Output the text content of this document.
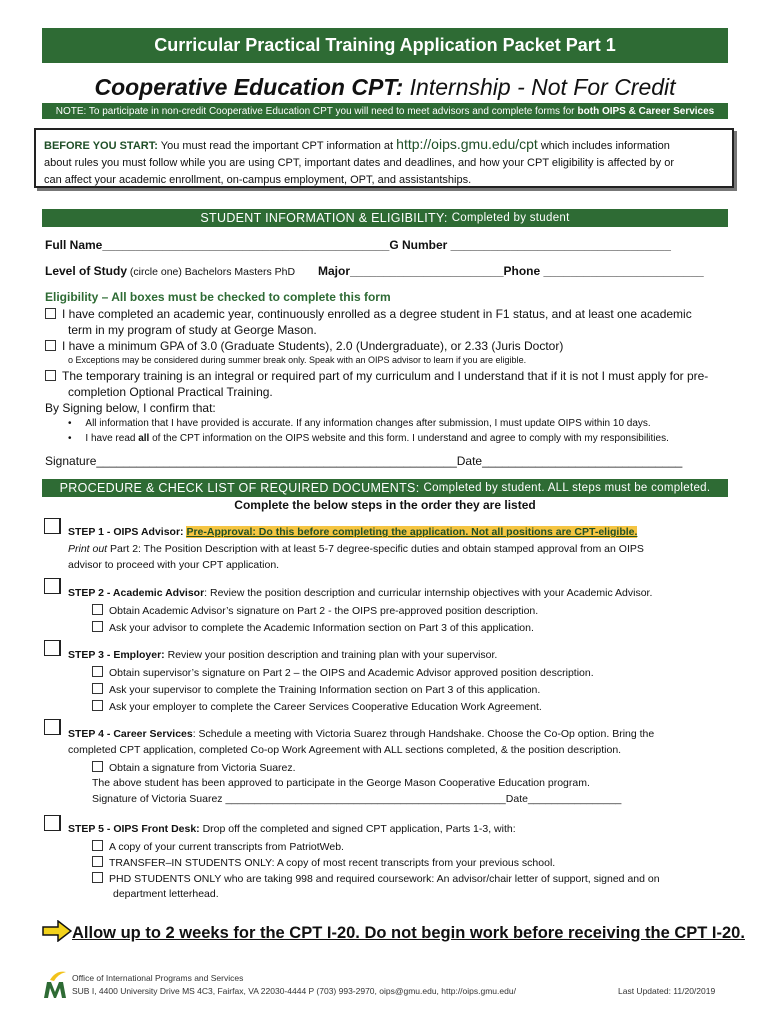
Curricular Practical Training Application Packet Part 1
Cooperative Education CPT: Internship - Not For Credit
NOTE: To participate in non-credit Cooperative Education CPT you will need to meet advisors and complete forms for both OIPS & Career Services
BEFORE YOU START: You must read the important CPT information at http://oips.gmu.edu/cpt which includes information
about rules you must follow while you are using CPT, important dates and deadlines, and how your CPT eligibility is affected by or
can affect your academic enrollment, on-campus employment, OPT, and assistantships.
STUDENT INFORMATION & ELIGIBILITY: Completed by student
Full Name___________________________________________G Number _________________________________
Level of Study (circle one) Bachelors Masters PhD Major_______________________Phone ________________________
Eligibility – All boxes must be checked to complete this form
I have completed an academic year, continuously enrolled as a degree student in F1 status, and at least one academic
term in my program of study at George Mason.
I have a minimum GPA of 3.0 (Graduate Students), 2.0 (Undergraduate), or 2.33 (Juris Doctor)
o Exceptions may be considered during summer break only. Speak with an OIPS advisor to learn if you are eligible.
The temporary training is an integral or required part of my curriculum and I understand that if it is not I must apply for pre-
completion Optional Practical Training.
By Signing below, I confirm that:
•     All information that I have provided is accurate. If any information changes after submission, I must update OIPS within 10 days.
•     I have read all of the CPT information on the OIPS website and this form. I understand and agree to comply with my responsibilities.
Signature______________________________________________________Date______________________________
PROCEDURE & CHECK LIST OF REQUIRED DOCUMENTS: Completed by student. ALL steps must be completed.
Complete the below steps in the order they are listed
STEP 1 - OIPS Advisor: Pre-Approval: Do this before completing the application. Not all positions are CPT-eligible.
Print out Part 2: The Position Description with at least 5-7 degree-specific duties and obtain stamped approval from an OIPS
advisor to proceed with your CPT application.
STEP 2 - Academic Advisor: Review the position description and curricular internship objectives with your Academic Advisor.
Obtain Academic Advisor’s signature on Part 2 - the OIPS pre-approved position description.
Ask your advisor to complete the Academic Information section on Part 3 of this application.
STEP 3 - Employer: Review your position description and training plan with your supervisor.
Obtain supervisor’s signature on Part 2 – the OIPS and Academic Advisor approved position description.
Ask your supervisor to complete the Training Information section on Part 3 of this application.
Ask your employer to complete the Career Services Cooperative Education Work Agreement.
STEP 4 - Career Services: Schedule a meeting with Victoria Suarez through Handshake. Choose the Co-Op option. Bring the
completed CPT application, completed Co-op Work Agreement with ALL sections completed, & the position description.
Obtain a signature from Victoria Suarez.
The above student has been approved to participate in the George Mason Cooperative Education program.
Signature of Victoria Suarez ________________________________________________Date________________
STEP 5 - OIPS Front Desk: Drop off the completed and signed CPT application, Parts 1-3, with:
A copy of your current transcripts from PatriotWeb.
TRANSFER–IN STUDENTS ONLY: A copy of most recent transcripts from your previous school.
PHD STUDENTS ONLY who are taking 998 and required coursework: An advisor/chair letter of support, signed and on
department letterhead.
Allow up to 2 weeks for the CPT I-20. Do not begin work before receiving the CPT I-20.
Office of International Programs and Services
SUB I, 4400 University Drive MS 4C3, Fairfax, VA 22030-4444 P (703) 993-2970, oips@gmu.edu, http://oips.gmu.edu/	Last Updated: 11/20/2019
